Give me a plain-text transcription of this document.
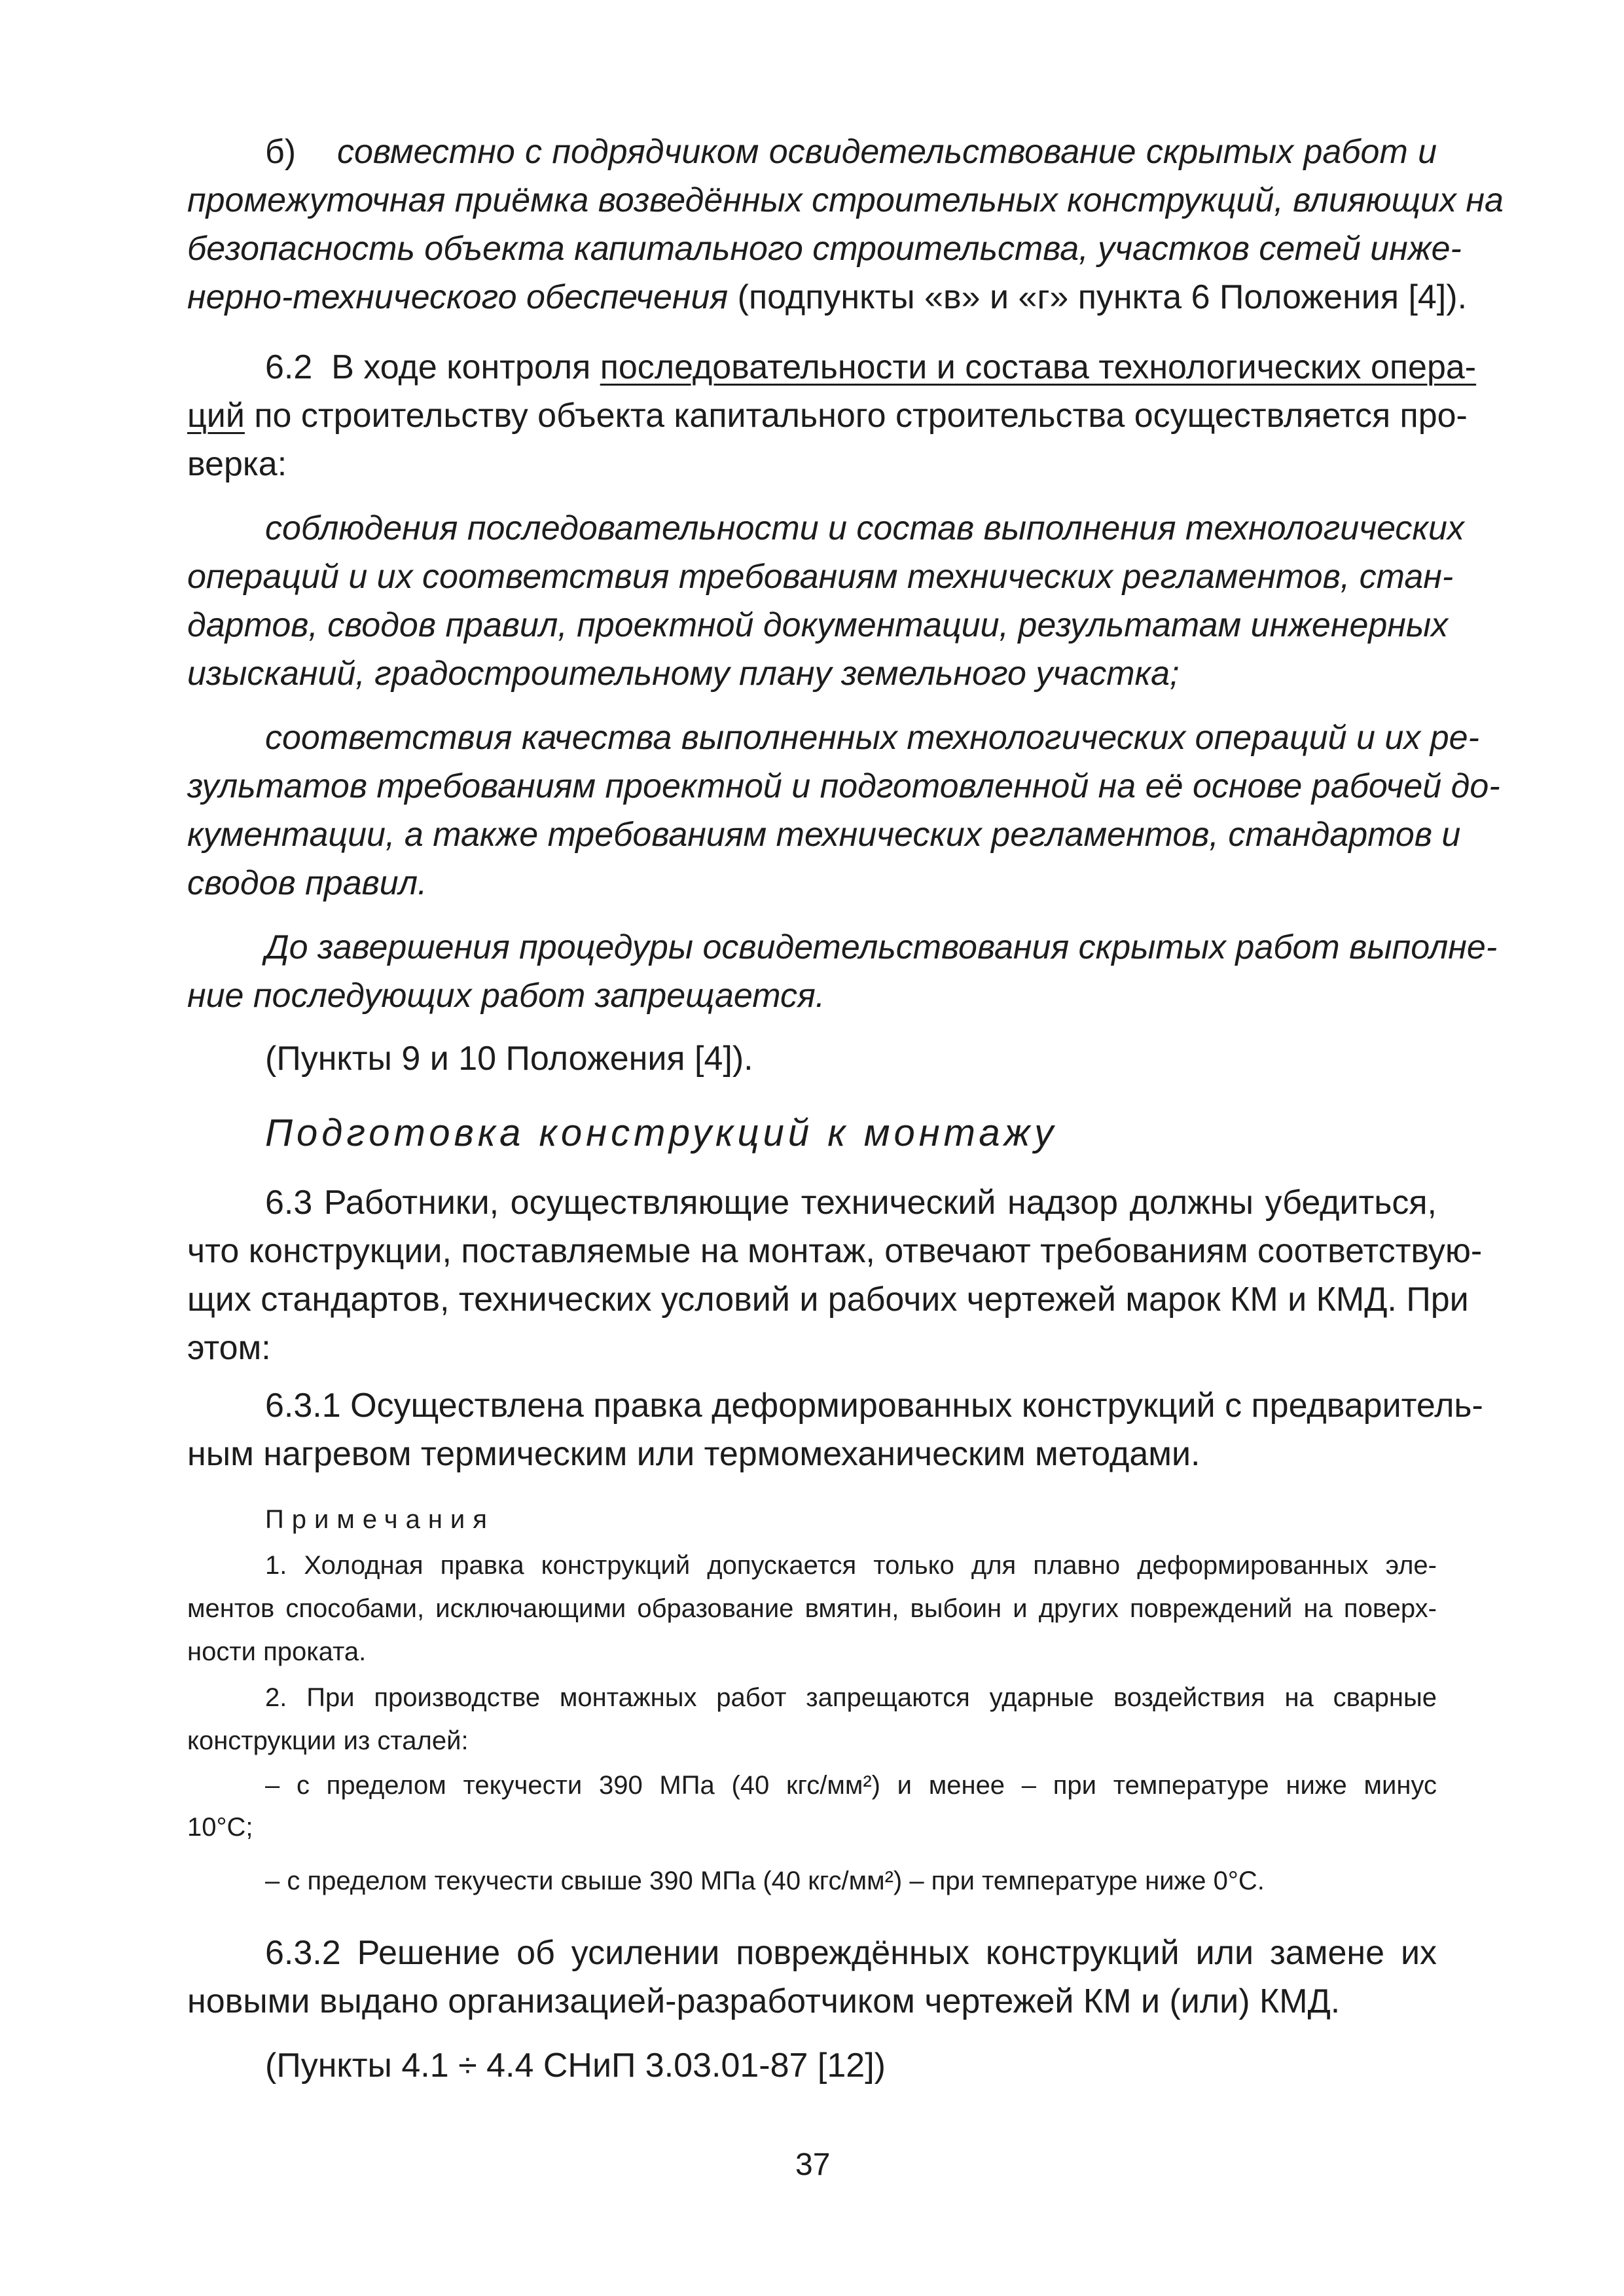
б) совместно с подрядчиком освидетельствование скрытых работ и
промежуточная приёмка возведённых строительных конструкций, влияющих на
безопасность объекта капитального строительства, участков сетей инже-
нерно-технического обеспечения (подпункты «в» и «г» пункта 6 Положения [4]).
6.2 В ходе контроля последовательности и состава технологических опера-
ций по строительству объекта капитального строительства осуществляется про-
верка:
соблюдения последовательности и состав выполнения технологических
операций и их соответствия требованиям технических регламентов, стан-
дартов, сводов правил, проектной документации, результатам инженерных
изысканий, градостроительному плану земельного участка;
соответствия качества выполненных технологических операций и их ре-
зультатов требованиям проектной и подготовленной на её основе рабочей до-
кументации, а также требованиям технических регламентов, стандартов и
сводов правил.
До завершения процедуры освидетельствования скрытых работ выполне-
ние последующих работ запрещается.
(Пункты 9 и 10 Положения [4]).
Подготовка конструкций к монтажу
6.3 Работники, осуществляющие технический надзор должны убедиться,
что конструкции, поставляемые на монтаж, отвечают требованиям соответствую-
щих стандартов, технических условий и рабочих чертежей марок КМ и КМД. При
этом:
6.3.1 Осуществлена правка деформированных конструкций с предваритель-
ным нагревом термическим или термомеханическим методами.
Примечания
1. Холодная правка конструкций допускается только для плавно деформированных эле-
ментов способами, исключающими образование вмятин, выбоин и других повреждений на поверх-
ности проката.
2. При производстве монтажных работ запрещаются ударные воздействия на сварные
конструкции из сталей:
– с пределом текучести 390 МПа (40 кгс/мм²) и менее – при температуре ниже минус
10°С;
– с пределом текучести свыше 390 МПа (40 кгс/мм²) – при температуре ниже 0°С.
6.3.2 Решение об усилении повреждённых конструкций или замене их
новыми выдано организацией-разработчиком чертежей КМ и (или) КМД.
(Пункты 4.1 ÷ 4.4 СНиП 3.03.01-87 [12])
37
